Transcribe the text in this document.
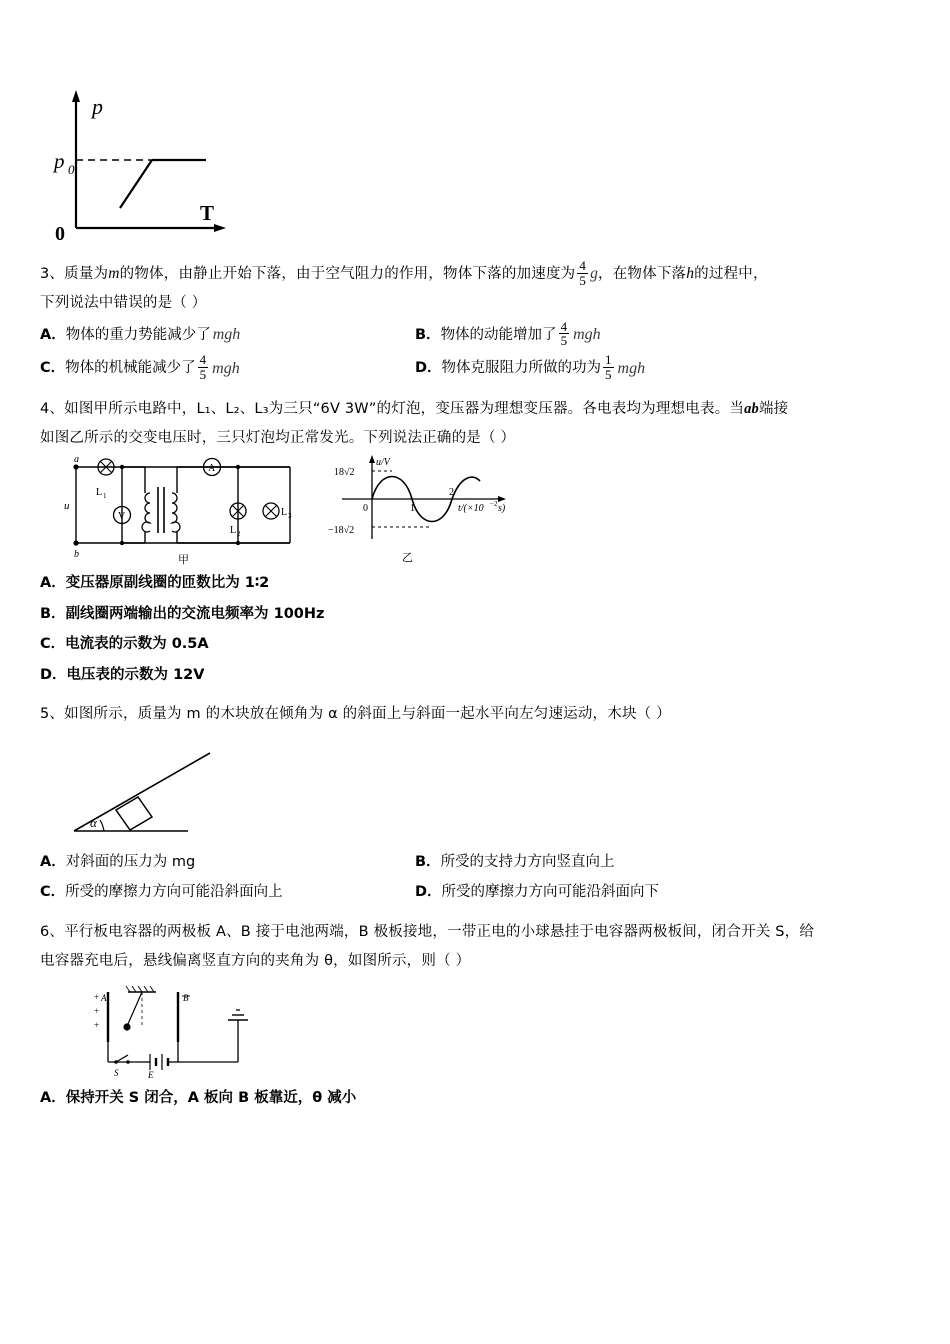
p
p 0
0
T
3、质量为m的物体，由静止开始下落，由于空气阻力的作用，物体下落的加速度为 $\frac{4}{5}$ g，在物体下落h的过程中，
下列说法中错误的是（ ）
A． 物体的重力势能减少了 mgh	B． 物体的动能增加了 $\frac{4}{5}$ mgh
C． 物体的机械能减少了 $\frac{4}{5}$ mgh	D． 物体克服阻力所做的功为 $\frac{1}{5}$ mgh
4、如图甲所示电路中，L₁、L₂、L₃为三只“6V 3W”的灯泡，变压器为理想变压器。各电表均为理想电表。当ab端接
如图乙所示的交变电压时，三只灯泡均正常发光。下列说法正确的是（ ）
a
b
u
L 1
V
A
L 2
L 3
甲
u/V
18√2
−18√2
0	1
2
t/(×10 −2 s)
乙
A． 变压器原副线圈的匝数比为 1∶2
B． 副线圈两端输出的交流电频率为 100Hz
C． 电流表的示数为 0.5A
D． 电压表的示数为 12V
5、如图所示，质量为 m 的木块放在倾角为 α 的斜面上与斜面一起水平向左匀速运动，木块（ ）
α
A． 对斜面的压力为 mg	B． 所受的支持力方向竖直向上
C． 所受的摩擦力方向可能沿斜面向上	D． 所受的摩擦力方向可能沿斜面向下
6、平行板电容器的两极板 A、B 接于电池两端，B 极板接地，一带正电的小球悬挂于电容器两极板间，闭合开关 S，给
电容器充电后，悬线偏离竖直方向的夹角为 θ，如图所示，则（ ）
+ A
+
+
B
S	E
A． 保持开关 S 闭合，A 板向 B 板靠近，θ 减小
